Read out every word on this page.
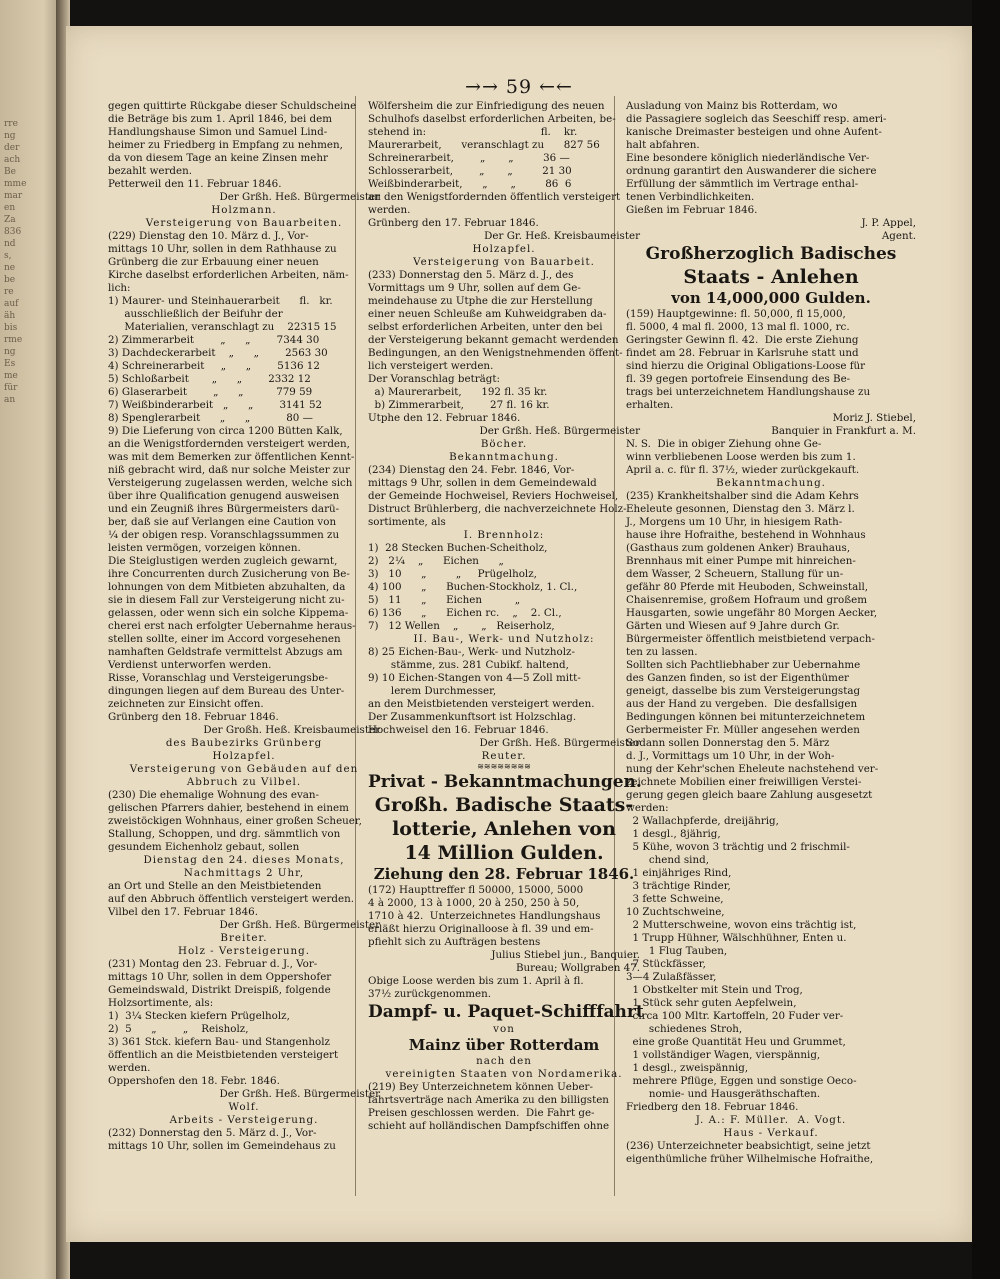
rre
ng
der
ach
Be
mme
mar
en
Za
836
nd
s,
ne
be
re
auf
äh
bis
rme
ng
Es
me
für
an
→→ 59 ←←
gegen quittirte Rückgabe dieser Schuldscheine
die Beträge bis zum 1. April 1846, bei dem
Handlungshause Simon und Samuel Lind-
heimer zu Friedberg in Empfang zu nehmen,
da von diesem Tage an keine Zinsen mehr
bezahlt werden.
Petterweil den 11. Februar 1846.
Der Grßh. Heß. Bürgermeister
Holzmann.
Versteigerung von Bauarbeiten.
(229) Dienstag den 10. März d. J., Vor-
mittags 10 Uhr, sollen in dem Rathhause zu
Grünberg die zur Erbauung einer neuen
Kirche daselbst erforderlichen Arbeiten, näm-
lich:
1) Maurer- und Steinhauerarbeit      fl.   kr.
ausschließlich der Beifuhr der
Materialien, veranschlagt zu    22315 15
2) Zimmerarbeit        „      „        7344 30
3) Dachdeckerarbeit    „      „        2563 30
4) Schreinerarbeit     „      „        5136 12
5) Schloßarbeit       „      „        2332 12
6) Glaserarbeit        „      „          779 59
7) Weißbinderarbeit   „      „        3141 52
8) Spenglerarbeit      „      „           80 —
9) Die Lieferung von circa 1200 Bütten Kalk,
an die Wenigstfordernden versteigert werden,
was mit dem Bemerken zur öffentlichen Kennt-
niß gebracht wird, daß nur solche Meister zur
Versteigerung zugelassen werden, welche sich
über ihre Qualification genugend ausweisen
und ein Zeugniß ihres Bürgermeisters darü-
ber, daß sie auf Verlangen eine Caution von
¼ der obigen resp. Voranschlagssummen zu
leisten vermögen, vorzeigen können.
Die Steiglustigen werden zugleich gewarnt,
ihre Concurrenten durch Zusicherung von Be-
lohnungen von dem Mitbieten abzuhalten, da
sie in diesem Fall zur Versteigerung nicht zu-
gelassen, oder wenn sich ein solche Kippema-
cherei erst nach erfolgter Uebernahme heraus-
stellen sollte, einer im Accord vorgesehenen
namhaften Geldstrafe vermittelst Abzugs am
Verdienst unterworfen werden.
Risse, Voranschlag und Versteigerungsbe-
dingungen liegen auf dem Bureau des Unter-
zeichneten zur Einsicht offen.
Grünberg den 18. Februar 1846.
Der Großh. Heß. Kreisbaumeister
des Baubezirks Grünberg
Holzapfel.
Versteigerung von Gebäuden auf den
Abbruch zu Vilbel.
(230) Die ehemalige Wohnung des evan-
gelischen Pfarrers dahier, bestehend in einem
zweistöckigen Wohnhaus, einer großen Scheuer,
Stallung, Schoppen, und drg. sämmtlich von
gesundem Eichenholz gebaut, sollen
Dienstag den 24. dieses Monats,
Nachmittags 2 Uhr,
an Ort und Stelle an den Meistbietenden
auf den Abbruch öffentlich versteigert werden.
Vilbel den 17. Februar 1846.
Der Grßh. Heß. Bürgermeister
Breiter.
Holz - Versteigerung.
(231) Montag den 23. Februar d. J., Vor-
mittags 10 Uhr, sollen in dem Oppershofer
Gemeindswald, Distrikt Dreispiß, folgende
Holzsortimente, als:
1)  3¼ Stecken kiefern Prügelholz,
2)  5      „        „    Reisholz,
3) 361 Stck. kiefern Bau- und Stangenholz
öffentlich an die Meistbietenden versteigert
werden.
Oppershofen den 18. Febr. 1846.
Der Grßh. Heß. Bürgermeister
Wolf.
Arbeits - Versteigerung.
(232) Donnerstag den 5. März d. J., Vor-
mittags 10 Uhr, sollen im Gemeindehaus zu
Wölfersheim die zur Einfriedigung des neuen
Schulhofs daselbst erforderlichen Arbeiten, be-
stehend in:                                   fl.    kr.
Maurerarbeit,      veranschlagt zu      827 56
Schreinerarbeit,        „       „         36 —
Schlosserarbeit,        „       „         21 30
Weißbinderarbeit,      „       „         86  6
an den Wenigstfordernden öffentlich versteigert
werden.
Grünberg den 17. Februar 1846.
Der Gr. Heß. Kreisbaumeister
Holzapfel.
Versteigerung von Bauarbeit.
(233) Donnerstag den 5. März d. J., des
Vormittags um 9 Uhr, sollen auf dem Ge-
meindehause zu Utphe die zur Herstellung
einer neuen Schleuße am Kuhweidgraben da-
selbst erforderlichen Arbeiten, unter den bei
der Versteigerung bekannt gemacht werdenden
Bedingungen, an den Wenigstnehmenden öffent-
lich versteigert werden.
Der Voranschlag beträgt:
a) Maurerarbeit,      192 fl. 35 kr.
b) Zimmerarbeit,        27 fl. 16 kr.
Utphe den 12. Februar 1846.
Der Grßh. Heß. Bürgermeister
Böcher.
Bekanntmachung.
(234) Dienstag den 24. Febr. 1846, Vor-
mittags 9 Uhr, sollen in dem Gemeindewald
der Gemeinde Hochweisel, Reviers Hochweisel,
Distruct Brühlerberg, die nachverzeichnete Holz-
sortimente, als
I. Brennholz:
1)  28 Stecken Buchen-Scheitholz,
2)   2¼    „      Eichen      „
3)   10      „         „     Prügelholz,
4) 100      „      Buchen-Stockholz, 1. Cl.,
5)   11      „      Eichen          „
6) 136      „      Eichen rc.    „    2. Cl.,
7)   12 Wellen    „       „   Reiserholz,
II. Bau-, Werk- und Nutzholz:
8) 25 Eichen-Bau-, Werk- und Nutzholz-
stämme, zus. 281 Cubikf. haltend,
9) 10 Eichen-Stangen von 4—5 Zoll mitt-
lerem Durchmesser,
an den Meistbietenden versteigert werden.
Der Zusammenkunftsort ist Holzschlag.
Hochweisel den 16. Februar 1846.
Der Grßh. Heß. Bürgermeister
Reuter.
≋≋≋≋≋≋≋≋
Privat - Bekanntmachungen.
Großh. Badische Staats-
lotterie, Anlehen von
14 Million Gulden.
Ziehung den 28. Februar 1846.
(172) Haupttreffer fl 50000, 15000, 5000
4 à 2000, 13 à 1000, 20 à 250, 250 à 50,
1710 à 42.  Unterzeichnetes Handlungshaus
erläßt hierzu Originalloose à fl. 39 und em-
pfiehlt sich zu Aufträgen bestens
Julius Stiebel jun., Banquier.
Bureau; Wollgraben 47.
Obige Loose werden bis zum 1. April à fl.
37½ zurückgenommen.
Dampf- u. Paquet-Schifffahrt
von
Mainz über Rotterdam
nach den
vereinigten Staaten von Nordamerika.
(219) Bey Unterzeichnetem können Ueber-
fahrtsverträge nach Amerika zu den billigsten
Preisen geschlossen werden.  Die Fahrt ge-
schieht auf holländischen Dampfschiffen ohne
Ausladung von Mainz bis Rotterdam, wo
die Passagiere sogleich das Seeschiff resp. ameri-
kanische Dreimaster besteigen und ohne Aufent-
halt abfahren.
Eine besondere königlich niederländische Ver-
ordnung garantirt den Auswanderer die sichere
Erfüllung der sämmtlich im Vertrage enthal-
tenen Verbindlichkeiten.
Gießen im Februar 1846.
J. P. Appel,
Agent.
Großherzoglich Badisches
Staats - Anlehen
von 14,000,000 Gulden.
(159) Hauptgewinne: fl. 50,000, fl 15,000,
fl. 5000, 4 mal fl. 2000, 13 mal fl. 1000, rc.
Geringster Gewinn fl. 42.  Die erste Ziehung
findet am 28. Februar in Karlsruhe statt und
sind hierzu die Original Obligations-Loose für
fl. 39 gegen portofreie Einsendung des Be-
trags bei unterzeichnetem Handlungshause zu
erhalten.
Moriz J. Stiebel,
Banquier in Frankfurt a. M.
N. S.  Die in obiger Ziehung ohne Ge-
winn verbliebenen Loose werden bis zum 1.
April a. c. für fl. 37½, wieder zurückgekauft.
Bekanntmachung.
(235) Krankheitshalber sind die Adam Kehrs
Eheleute gesonnen, Dienstag den 3. März l.
J., Morgens um 10 Uhr, in hiesigem Rath-
hause ihre Hofraithe, bestehend in Wohnhaus
(Gasthaus zum goldenen Anker) Brauhaus,
Brennhaus mit einer Pumpe mit hinreichen-
dem Wasser, 2 Scheuern, Stallung für un-
gefähr 80 Pferde mit Heuboden, Schweinstall,
Chaisenremise, großem Hofraum und großem
Hausgarten, sowie ungefähr 80 Morgen Aecker,
Gärten und Wiesen auf 9 Jahre durch Gr.
Bürgermeister öffentlich meistbietend verpach-
ten zu lassen.
Sollten sich Pachtliebhaber zur Uebernahme
des Ganzen finden, so ist der Eigenthümer
geneigt, dasselbe bis zum Versteigerungstag
aus der Hand zu vergeben.  Die desfallsigen
Bedingungen können bei mitunterzeichnetem
Gerbermeister Fr. Müller angesehen werden
Sodann sollen Donnerstag den 5. März
d. J., Vormittags um 10 Uhr, in der Woh-
nung der Kehr'schen Eheleute nachstehend ver-
zeichnete Mobilien einer freiwilligen Verstei-
gerung gegen gleich baare Zahlung ausgesetzt
werden:
2 Wallachpferde, dreijährig,
1 desgl., 8jährig,
5 Kühe, wovon 3 trächtig und 2 frischmil-
chend sind,
1 einjähriges Rind,
3 trächtige Rinder,
3 fette Schweine,
10 Zuchtschweine,
2 Mutterschweine, wovon eins trächtig ist,
1 Trupp Hühner, Wälschhühner, Enten u.
1 Flug Tauben,
7 Stückfässer,
3—4 Zulaßfässer,
1 Obstkelter mit Stein und Trog,
1 Stück sehr guten Aepfelwein,
circa 100 Mltr. Kartoffeln, 20 Fuder ver-
schiedenes Stroh,
eine große Quantität Heu und Grummet,
1 vollständiger Wagen, vierspännig,
1 desgl., zweispännig,
mehrere Pflüge, Eggen und sonstige Oeco-
nomie- und Hausgeräthschaften.
Friedberg den 18. Februar 1846.
J. A.: F. Müller.  A. Vogt.
Haus - Verkauf.
(236) Unterzeichneter beabsichtigt, seine jetzt
eigenthümliche früher Wilhelmische Hofraithe,
